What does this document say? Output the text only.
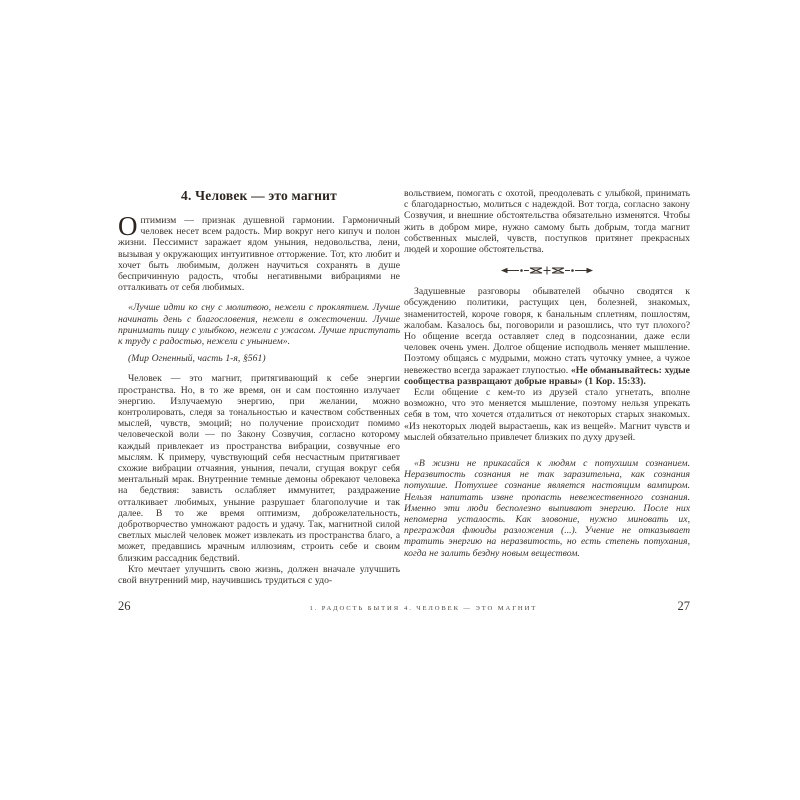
4. Человек — это магнит

Оптимизм — признак душевной гармонии. Гармоничный человек несет всем радость. Мир вокруг него кипуч и полон жизни. Пессимист заражает ядом уныния, недовольства, лени, вызывая у окружающих интуитивное отторжение. Тот, кто любит и хочет быть любимым, должен научиться сохранять в душе беспричинную радость, чтобы негативными вибрациями не отталкивать от себя любимых.

«Лучше идти ко сну с молитвою, нежели с проклятием. Лучше начинать день с благословения, нежели в ожесточении. Лучше принимать пищу с улыбкою, нежели с ужасом. Лучше приступать к труду с радостью, нежели с унынием».

(Мир Огненный, часть 1-я, §561)

Человек — это магнит, притягивающий к себе энергии пространства. Но, в то же время, он и сам постоянно излучает энергию. Излучаемую энергию, при желании, можно контролировать, следя за тональностью и качеством собственных мыслей, чувств, эмоций; но получение происходит помимо человеческой воли — по Закону Созвучия, согласно которому каждый привлекает из пространства вибрации, созвучные его мыслям. К примеру, чувствующий себя несчастным притягивает схожие вибрации отчаяния, уныния, печали, сгущая вокруг себя ментальный мрак. Внутренние темные демоны обрекают человека на бедствия: зависть ослабляет иммунитет, раздражение отталкивает любимых, уныние разрушает благополучие и так далее. В то же время оптимизм, доброжелательность, добротворчество умножают радость и удачу. Так, магнитной силой светлых мыслей человек может извлекать из пространства благо, а может, предавшись мрачным иллюзиям, строить себе и своим близким рассадник бедствий.

Кто мечтает улучшить свою жизнь, должен вначале улучшить свой внутренний мир, научившись трудиться с удо-

вольствием, помогать с охотой, преодолевать с улыбкой, принимать с благодарностью, молиться с надеждой. Вот тогда, согласно закону Созвучия, и внешние обстоятельства обязательно изменятся. Чтобы жить в добром мире, нужно самому быть добрым, тогда магнит собственных мыслей, чувств, поступков притянет прекрасных людей и хорошие обстоятельства.

Задушевные разговоры обывателей обычно сводятся к обсуждению политики, растущих цен, болезней, знакомых, знаменитостей, короче говоря, к банальным сплетням, пошлостям, жалобам. Казалось бы, поговорили и разошлись, что тут плохого? Но общение всегда оставляет след в подсознании, даже если человек очень умен. Долгое общение исподволь меняет мышление. Поэтому общаясь с мудрыми, можно стать чуточку умнее, а чужое невежество всегда заражает глупостью. «Не обманывайтесь: худые сообщества развращают добрые нравы» (1 Кор. 15:33).

Если общение с кем-то из друзей стало угнетать, вполне возможно, что это меняется мышление, поэтому нельзя упрекать себя в том, что хочется отдалиться от некоторых старых знакомых. «Из некоторых людей вырастаешь, как из вещей». Магнит чувств и мыслей обязательно привлечет близких по духу друзей.

«В жизни не прикасайся к людям с потухшим сознанием. Неразвитость сознания не так заразительна, как сознания потухшие. Потухшее сознание является настоящим вампиром. Нельзя напитать извне пропасть невежественного сознания. Именно эти люди бесполезно выпивают энергию. После них непомерна усталость. Как зловоние, нужно миновать их, преграждая флюиды разложения (...). Учение не отказывает тратить энергию на неразвитость, но есть степень потухания, когда не залить бездну новым веществом.

26	1. РАДОСТЬ БЫТИЯ 4. ЧЕЛОВЕК — ЭТО МАГНИТ	27
